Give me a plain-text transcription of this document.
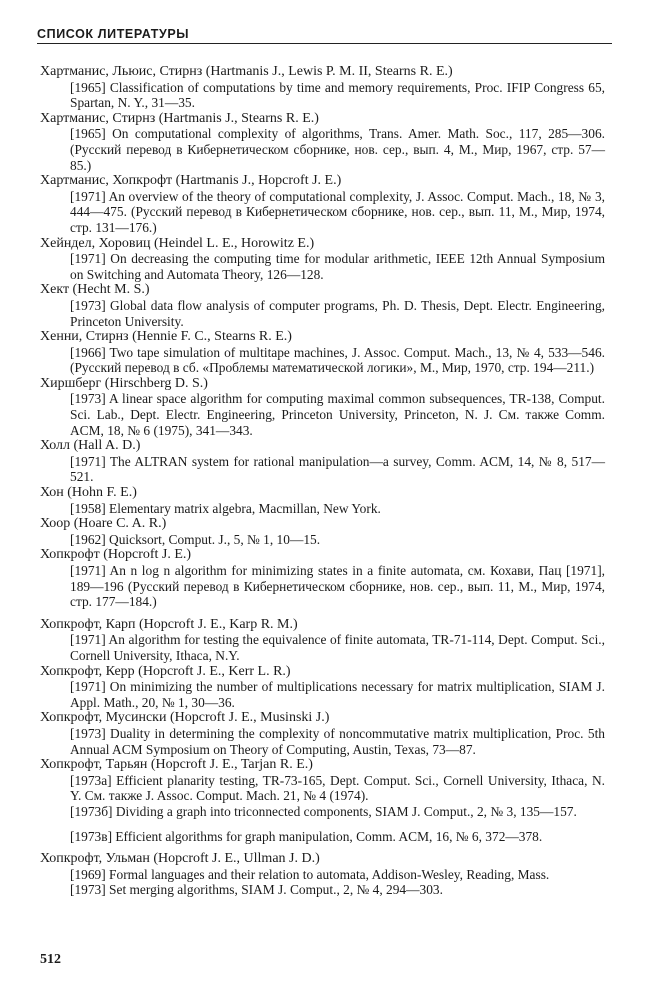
СПИСОК ЛИТЕРАТУРЫ
Хартманис, Льюис, Стирнз (Hartmanis J., Lewis P. M. II, Stearns R. E.)
[1965] Classification of computations by time and memory requirements, Proc. IFIP Congress 65, Spartan, N. Y., 31—35.
Хартманис, Стирнз (Hartmanis J., Stearns R. E.)
[1965] On computational complexity of algorithms, Trans. Amer. Math. Soc., 117, 285—306. (Русский перевод в Кибернетическом сборнике, нов. сер., вып. 4, М., Мир, 1967, стр. 57—85.)
Хартманис, Хопкрофт (Hartmanis J., Hopcroft J. E.)
[1971] An overview of the theory of computational complexity, J. Assoc. Comput. Mach., 18, № 3, 444—475. (Русский перевод в Кибернетическом сборнике, нов. сер., вып. 11, М., Мир, 1974, стр. 131—176.)
Хейндел, Хоровиц (Heindel L. E., Horowitz E.)
[1971] On decreasing the computing time for modular arithmetic, IEEE 12th Annual Symposium on Switching and Automata Theory, 126—128.
Хект (Hecht M. S.)
[1973] Global data flow analysis of computer programs, Ph. D. Thesis, Dept. Electr. Engineering, Princeton University.
Хенни, Стирнз (Hennie F. C., Stearns R. E.)
[1966] Two tape simulation of multitape machines, J. Assoc. Comput. Mach., 13, № 4, 533—546. (Русский перевод в сб. «Проблемы математической логики», М., Мир, 1970, стр. 194—211.)
Хиршберг (Hirschberg D. S.)
[1973] A linear space algorithm for computing maximal common subsequences, TR-138, Comput. Sci. Lab., Dept. Electr. Engineering, Princeton University, Princeton, N. J. См. также Comm. ACM, 18, № 6 (1975), 341—343.
Холл (Hall A. D.)
[1971] The ALTRAN system for rational manipulation—a survey, Comm. ACM, 14, № 8, 517—521.
Хон (Hohn F. E.)
[1958] Elementary matrix algebra, Macmillan, New York.
Хоор (Hoare C. A. R.)
[1962] Quicksort, Comput. J., 5, № 1, 10—15.
Хопкрофт (Hopcroft J. E.)
[1971] An n log n algorithm for minimizing states in a finite automata, см. Кохави, Пац [1971], 189—196 (Русский перевод в Кибернетическом сборнике, нов. сер., вып. 11, М., Мир, 1974, стр. 177—184.)
Хопкрофт, Карп (Hopcroft J. E., Karp R. M.)
[1971] An algorithm for testing the equivalence of finite automata, TR-71-114, Dept. Comput. Sci., Cornell University, Ithaca, N.Y.
Хопкрофт, Керр (Hopcroft J. E., Kerr L. R.)
[1971] On minimizing the number of multiplications necessary for matrix multiplication, SIAM J. Appl. Math., 20, № 1, 30—36.
Хопкрофт, Мусински (Hopcroft J. E., Musinski J.)
[1973] Duality in determining the complexity of noncommutative matrix multiplication, Proc. 5th Annual ACM Symposium on Theory of Computing, Austin, Texas, 73—87.
Хопкрофт, Тарьян (Hopcroft J. E., Tarjan R. E.)
[1973a] Efficient planarity testing, TR-73-165, Dept. Comput. Sci., Cornell University, Ithaca, N. Y. См. также J. Assoc. Comput. Mach. 21, № 4 (1974).
[1973б] Dividing a graph into triconnected components, SIAM J. Comput., 2, № 3, 135—157.
[1973в] Efficient algorithms for graph manipulation, Comm. ACM, 16, № 6, 372—378.
Хопкрофт, Ульман (Hopcroft J. E., Ullman J. D.)
[1969] Formal languages and their relation to automata, Addison-Wesley, Reading, Mass.
[1973] Set merging algorithms, SIAM J. Comput., 2, № 4, 294—303.
512
